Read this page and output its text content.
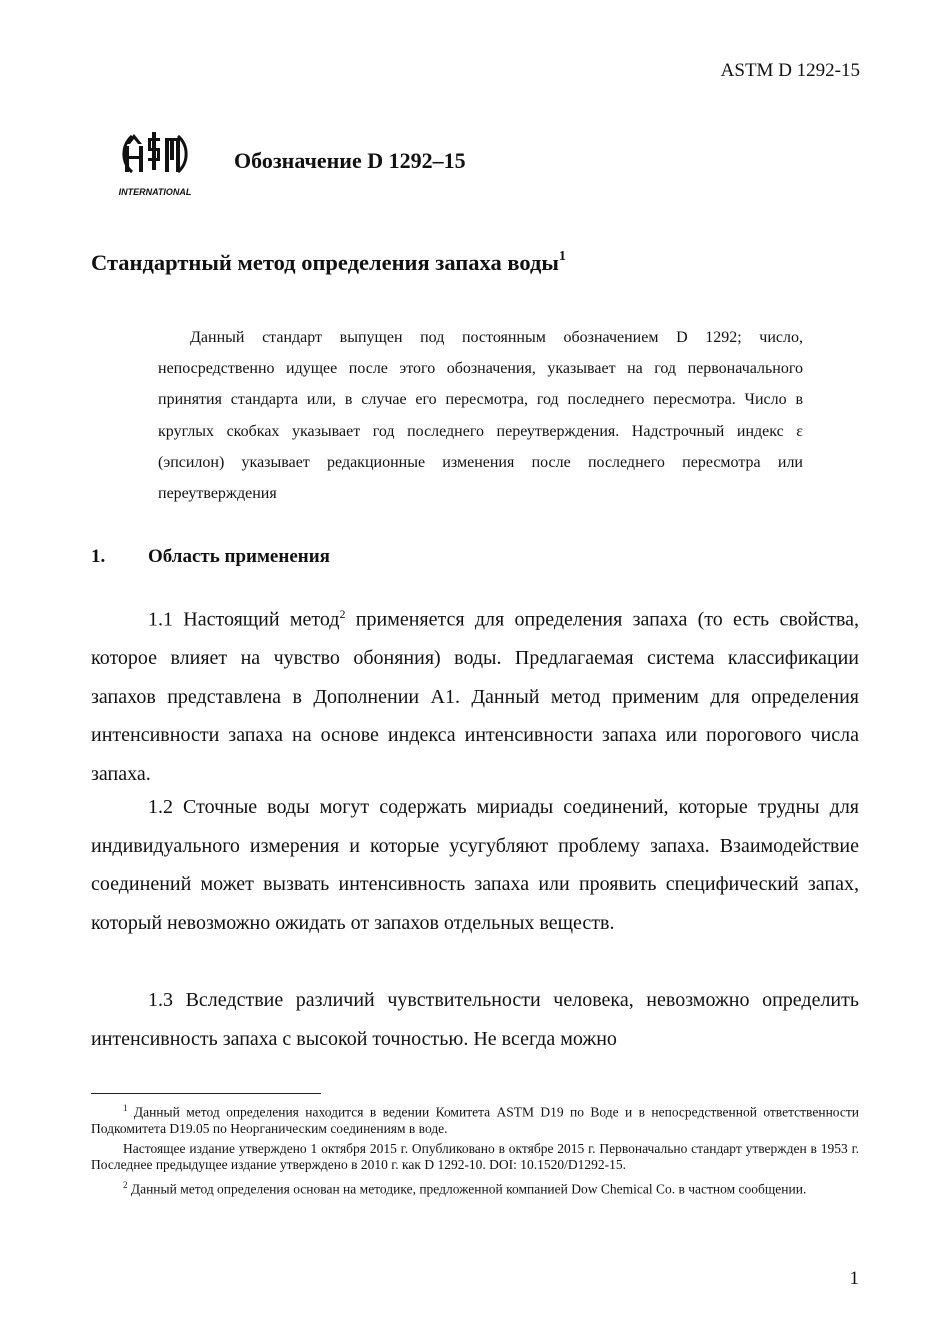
ASTM D 1292-15
INTERNATIONAL
Обозначение D 1292–15
Стандартный метод определения запаха воды$^1$
Данный стандарт выпущен под постоянным обозначением D 1292; число, непосредственно идущее после этого обозначения, указывает на год первоначального принятия стандарта или, в случае его пересмотра, год последнего пересмотра. Число в круглых скобках указывает год последнего переутверждения. Надстрочный индекс ε (эпсилон) указывает редакционные изменения после последнего пересмотра или переутверждения
1. Область применения

1.1 Настоящий метод$^2$ применяется для определения запаха (то есть свойства, которое влияет на чувство обоняния) воды. Предлагаемая система классификации запахов представлена в Дополнении А1. Данный метод применим для определения интенсивности запаха на основе индекса интенсивности запаха или порогового числа запаха.

1.2 Сточные воды могут содержать мириады соединений, которые трудны для индивидуального измерения и которые усугубляют проблему запаха. Взаимодействие соединений может вызвать интенсивность запаха или проявить специфический запах, который невозможно ожидать от запахов отдельных веществ.

1.3 Вследствие различий чувствительности человека, невозможно определить интенсивность запаха с высокой точностью. Не всегда можно

$^1$ Данный метод определения находится в ведении Комитета ASTM D19 по Воде и в непосредственной ответственности Подкомитета D19.05 по Неорганическим соединениям в воде.

Настоящее издание утверждено 1 октября 2015 г. Опубликовано в октябре 2015 г. Первоначально стандарт утвержден в 1953 г. Последнее предыдущее издание утверждено в 2010 г. как D 1292-10. DOI: 10.1520/D1292-15.

$^2$ Данный метод определения основан на методике, предложенной компанией Dow Chemical Co. в частном сообщении.

1
